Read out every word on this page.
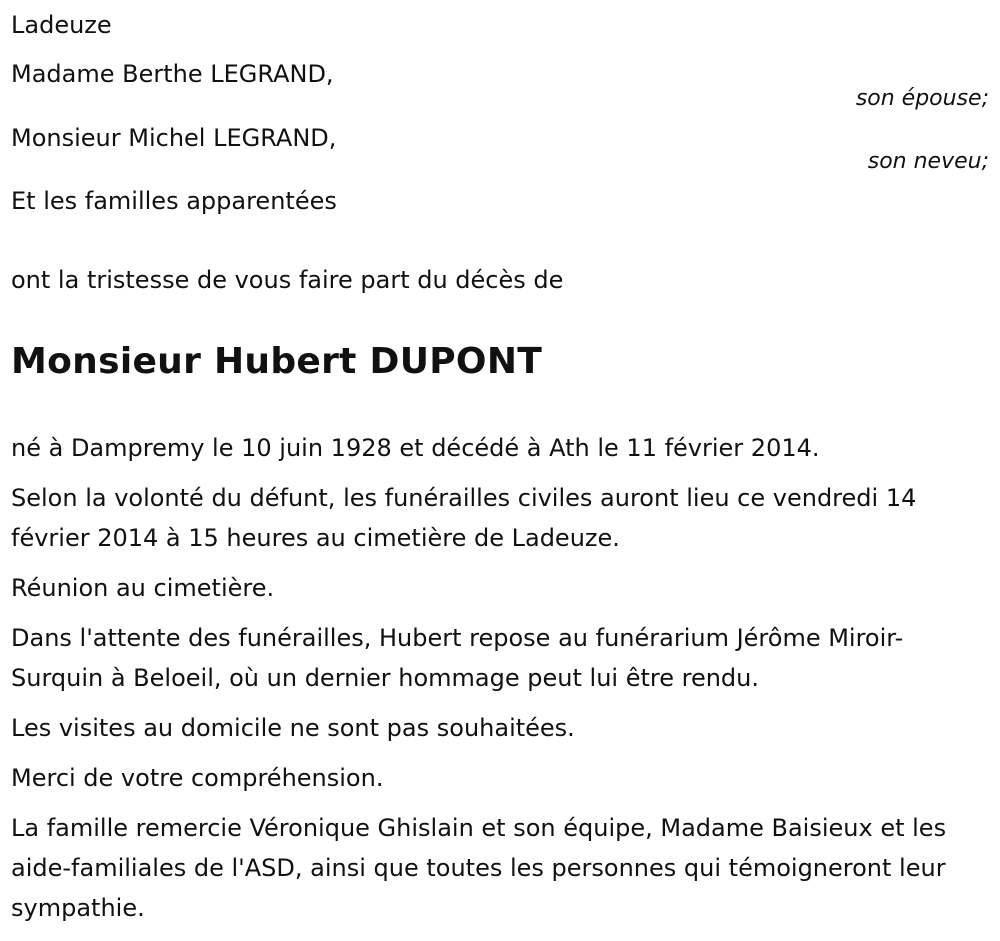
Ladeuze

Madame Berthe LEGRAND,

son épouse;

Monsieur Michel LEGRAND,

son neveu;

Et les familles apparentées

ont la tristesse de vous faire part du décès de

Monsieur Hubert DUPONT

né à Dampremy le 10 juin 1928 et décédé à Ath le 11 février 2014.

Selon la volonté du défunt, les funérailles civiles auront lieu ce vendredi 14 février 2014 à 15 heures au cimetière de Ladeuze.

Réunion au cimetière.

Dans l'attente des funérailles, Hubert repose au funérarium Jérôme Miroir-Surquin à Beloeil, où un dernier hommage peut lui être rendu.

Les visites au domicile ne sont pas souhaitées.

Merci de votre compréhension.

La famille remercie Véronique Ghislain et son équipe, Madame Baisieux et les aide-familiales de l'ASD, ainsi que toutes les personnes qui témoigneront leur sympathie.
